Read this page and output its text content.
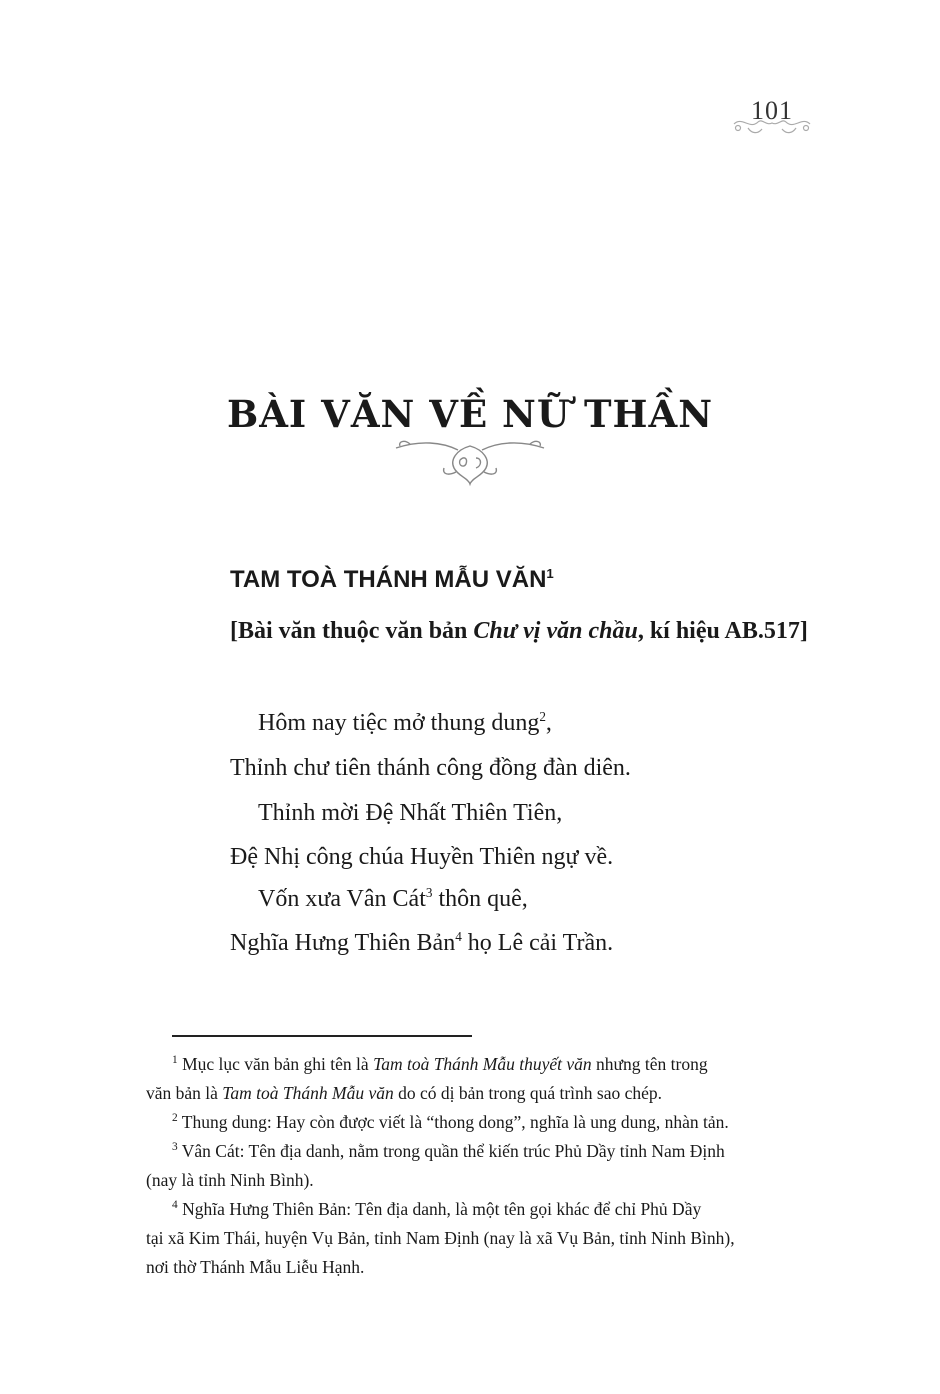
101
BÀI VĂN VỀ NỮ THẦN
TAM TOÀ THÁNH MẪU VĂN$^1$
[Bài văn thuộc văn bản Chư vị văn chầu, kí hiệu AB.517]
Hôm nay tiệc mở thung dung$^2$,
Thỉnh chư tiên thánh công đồng đàn diên.
Thỉnh mời Đệ Nhất Thiên Tiên,
Đệ Nhị công chúa Huyền Thiên ngự về.
Vốn xưa Vân Cát$^3$ thôn quê,
Nghĩa Hưng Thiên Bản$^4$ họ Lê cải Trần.
$^1$ Mục lục văn bản ghi tên là Tam toà Thánh Mẫu thuyết văn nhưng tên trong
văn bản là Tam toà Thánh Mẫu văn do có dị bản trong quá trình sao chép.
$^2$ Thung dung: Hay còn được viết là “thong dong”, nghĩa là ung dung, nhàn tản.
$^3$ Vân Cát: Tên địa danh, nằm trong quần thể kiến trúc Phủ Dầy tỉnh Nam Định
(nay là tỉnh Ninh Bình).
$^4$ Nghĩa Hưng Thiên Bản: Tên địa danh, là một tên gọi khác để chỉ Phủ Dầy
tại xã Kim Thái, huyện Vụ Bản, tỉnh Nam Định (nay là xã Vụ Bản, tỉnh Ninh Bình),
nơi thờ Thánh Mẫu Liễu Hạnh.
